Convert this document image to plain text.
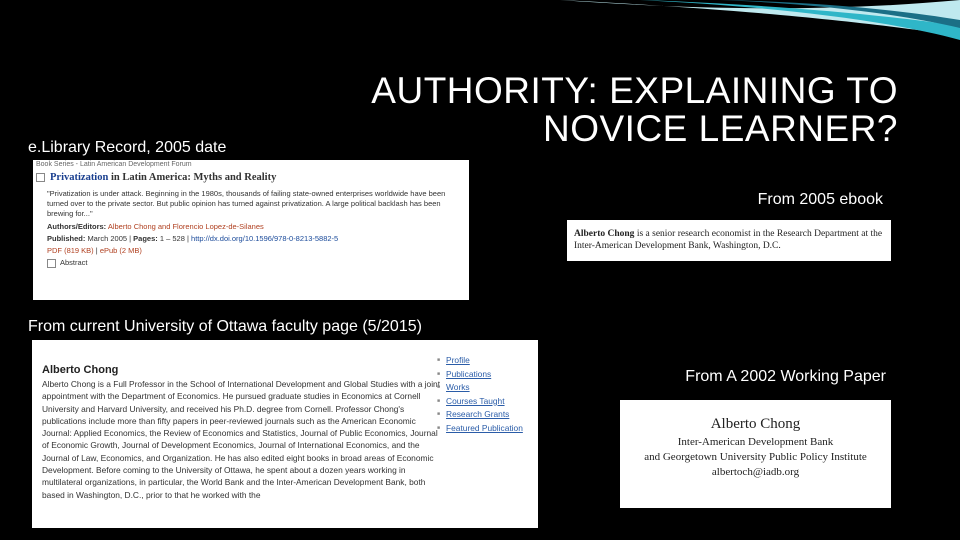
AUTHORITY: EXPLAINING TO
NOVICE LEARNER?
e.Library Record, 2005 date
From 2005 ebook
From current University of Ottawa faculty page (5/2015)
From A 2002 Working Paper
Book Series - Latin American Development Forum
Privatization in Latin America: Myths and Reality
"Privatization is under attack. Beginning in the 1980s, thousands of failing state-owned enterprises worldwide have been turned over to the private sector. But public opinion has turned against privatization. A large political backlash has been brewing for..."
Authors/Editors: Alberto Chong and Florencio Lopez-de-Silanes
Published: March 2005 | Pages: 1 – 528 | http://dx.doi.org/10.1596/978-0-8213-5882-5
PDF (819 KB) | ePub (2 MB)
Abstract
Alberto Chong is a senior research economist in the Research Department at the Inter-American Development Bank, Washington, D.C.
Alberto Chong
Alberto Chong is a Full Professor in the School of International Development and Global Studies with a joint appointment with the Department of Economics. He pursued graduate studies in Economics at Cornell University and Harvard University, and received his Ph.D. degree from Cornell. Professor Chong's publications include more than fifty papers in peer-reviewed journals such as the American Economic Journal: Applied Economics, the Review of Economics and Statistics, Journal of Public Economics, Journal of Economic Growth, Journal of Development Economics, Journal of International Economics, and the Journal of Law, Economics, and Organization. He has also edited eight books in broad areas of Economic Development. Before coming to the University of Ottawa, he spent about a dozen years working in multilateral organizations, in particular, the World Bank and the Inter-American Development Bank, both based in Washington, D.C., prior to that he worked with the
■ Profile
■ Publications
■ Works
■ Courses Taught
■ Research Grants
■ Featured Publication	Alberto Chong
Inter-American Development Bank
and Georgetown University Public Policy Institute
albertoch@iadb.org
